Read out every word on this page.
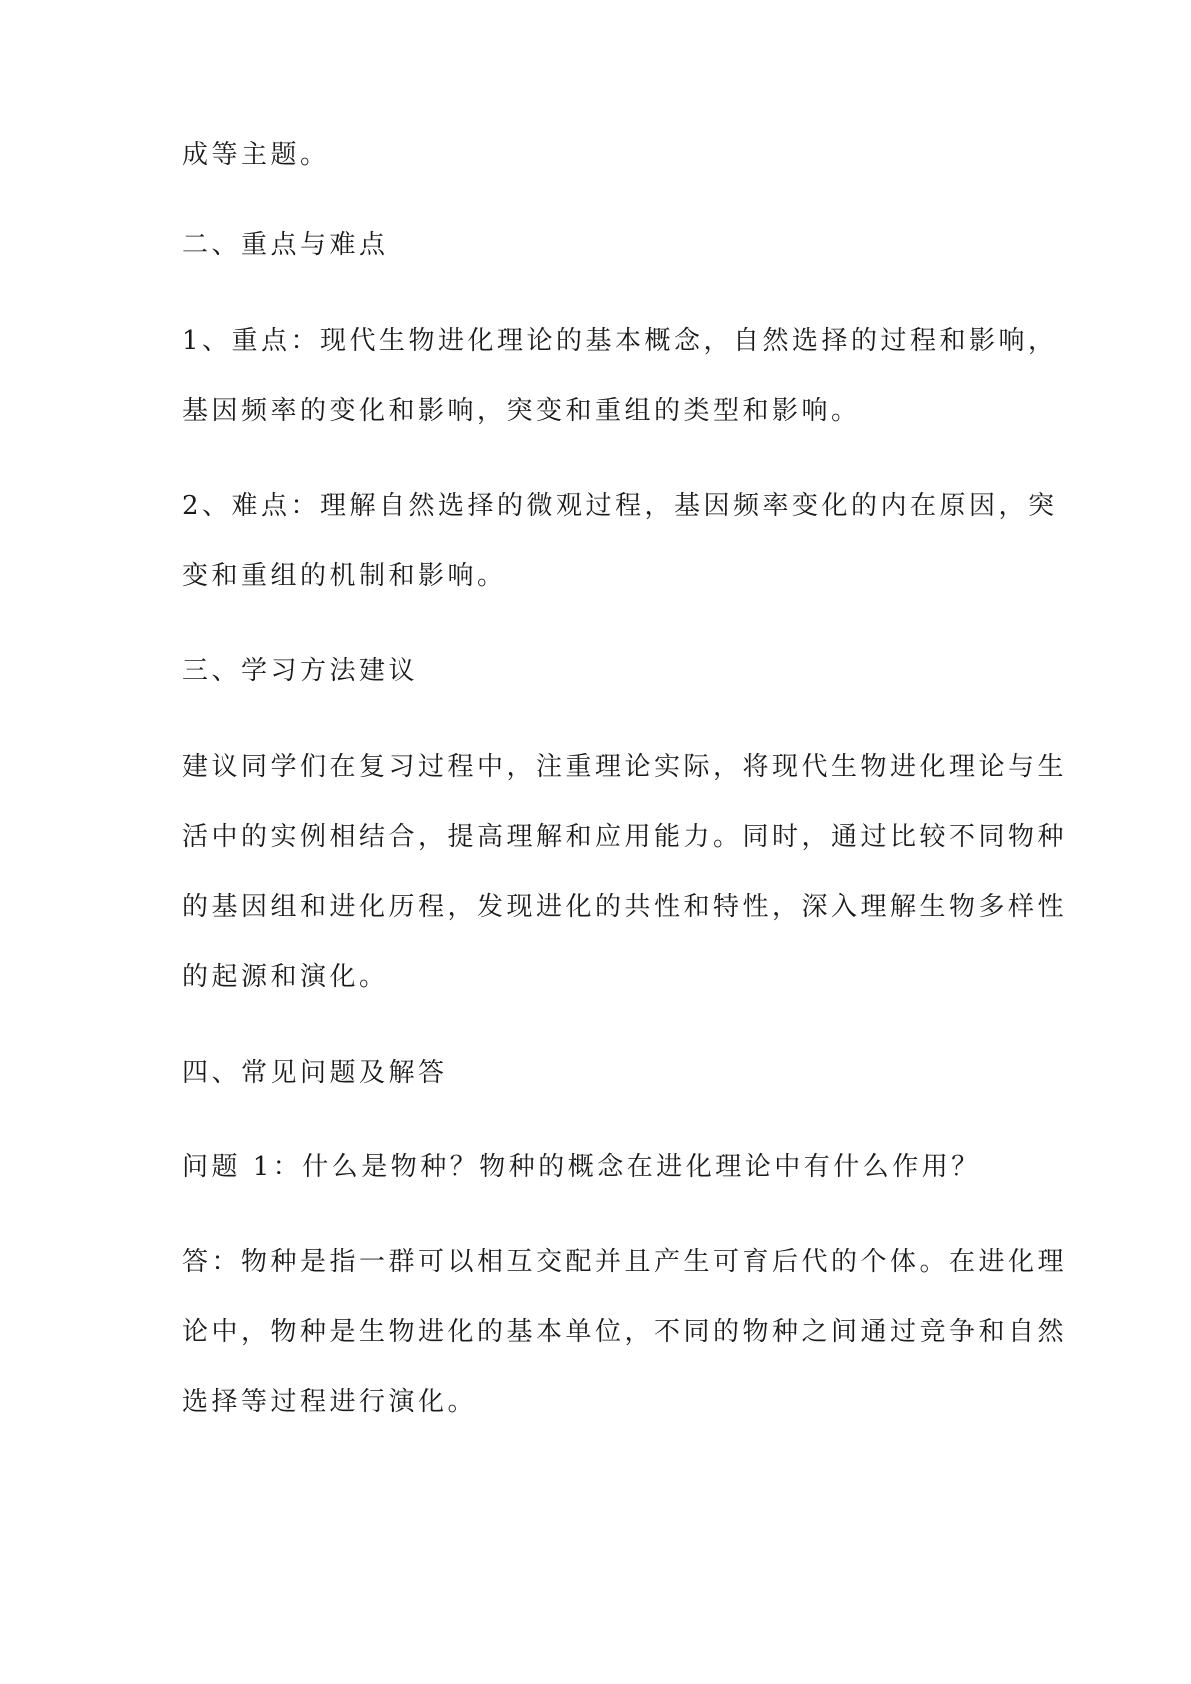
成等主题。

二、重点与难点

1、重点：现代生物进化理论的基本概念，自然选择的过程和影响，

基因频率的变化和影响，突变和重组的类型和影响。

2、难点：理解自然选择的微观过程，基因频率变化的内在原因，突

变和重组的机制和影响。

三、学习方法建议

建议同学们在复习过程中，注重理论实际，将现代生物进化理论与生

活中的实例相结合，提高理解和应用能力。同时，通过比较不同物种

的基因组和进化历程，发现进化的共性和特性，深入理解生物多样性

的起源和演化。

四、常见问题及解答

问题 1：什么是物种？物种的概念在进化理论中有什么作用？

答：物种是指一群可以相互交配并且产生可育后代的个体。在进化理

论中，物种是生物进化的基本单位，不同的物种之间通过竞争和自然

选择等过程进行演化。
